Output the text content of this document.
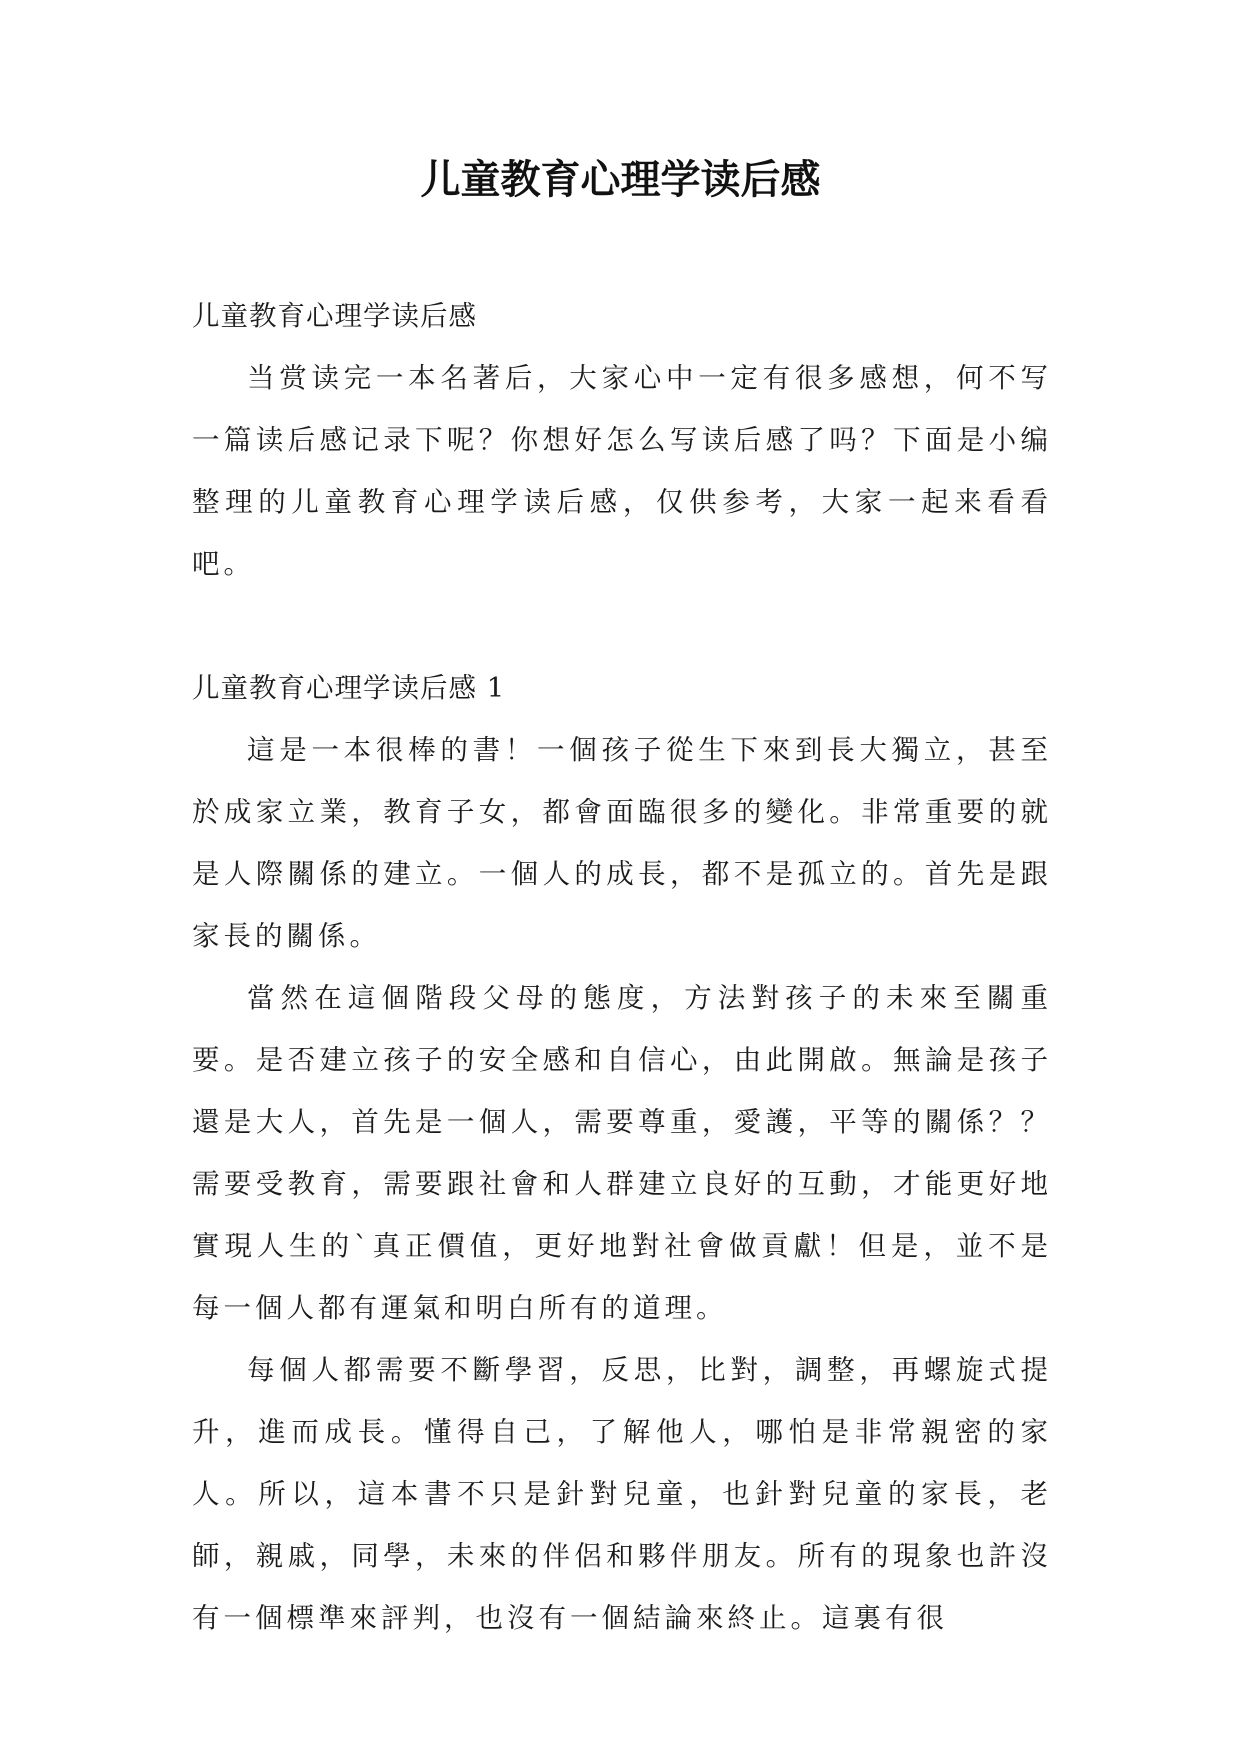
儿童教育心理学读后感

儿童教育心理学读后感

当赏读完一本名著后，大家心中一定有很多感想，何不写一篇读后感记录下呢？你想好怎么写读后感了吗？下面是小编整理的儿童教育心理学读后感，仅供参考，大家一起来看看吧。

儿童教育心理学读后感 1

這是一本很棒的書！一個孩子從生下來到長大獨立，甚至於成家立業，教育子女，都會面臨很多的變化。非常重要的就是人際關係的建立。一個人的成長，都不是孤立的。首先是跟家長的關係。

當然在這個階段父母的態度，方法對孩子的未來至關重要。是否建立孩子的安全感和自信心，由此開啟。無論是孩子還是大人，首先是一個人，需要尊重，愛護，平等的關係？？需要受教育，需要跟社會和人群建立良好的互動，才能更好地實現人生的`真正價值，更好地對社會做貢獻！但是，並不是每一個人都有運氣和明白所有的道理。

每個人都需要不斷學習，反思，比對，調整，再螺旋式提升，進而成長。懂得自己，了解他人，哪怕是非常親密的家人。所以，這本書不只是針對兒童，也針對兒童的家長，老師，親戚，同學，未來的伴侶和夥伴朋友。所有的現象也許沒有一個標準來評判，也沒有一個結論來終止。這裏有很
